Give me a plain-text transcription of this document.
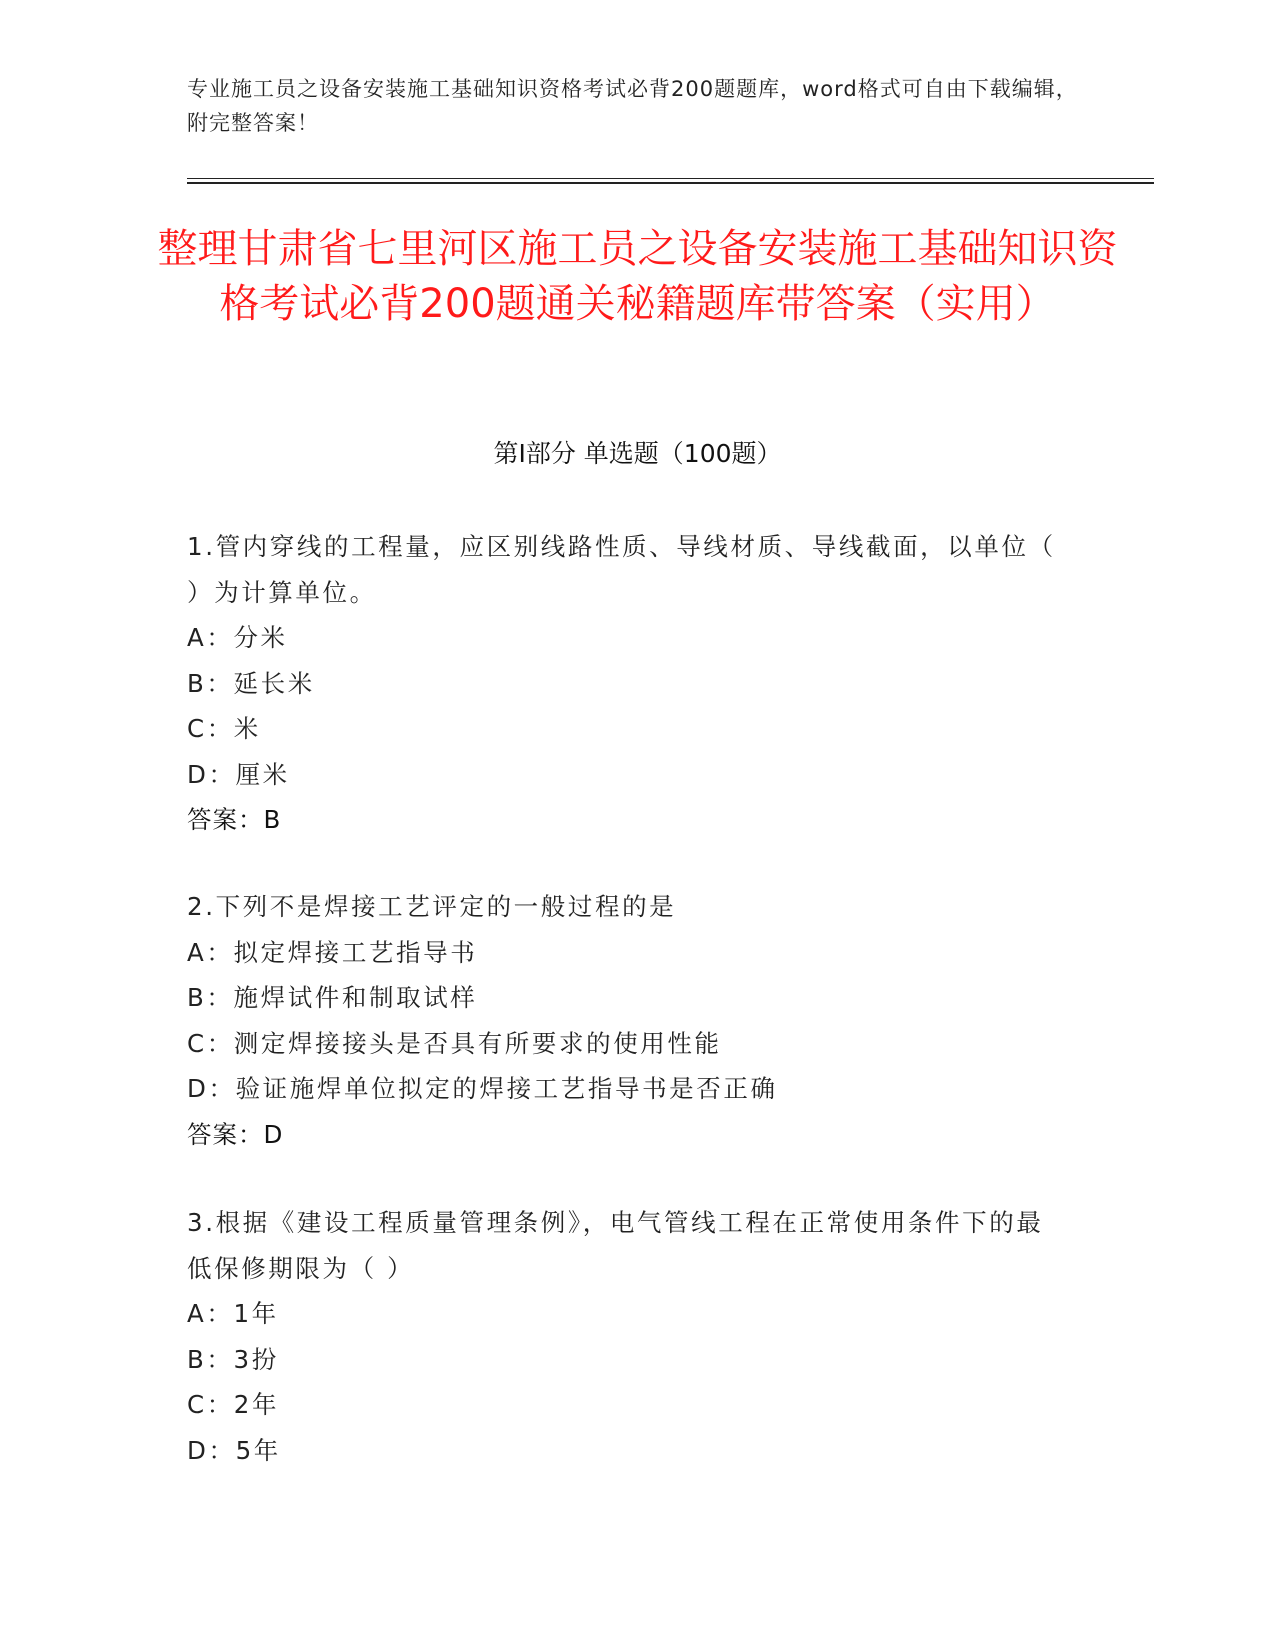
专业施工员之设备安装施工基础知识资格考试必背200题题库，word格式可自由下载编辑，附完整答案！
整理甘肃省七里河区施工员之设备安装施工基础知识资格考试必背200题通关秘籍题库带答案（实用）
第Ⅰ部分 单选题（100题）
1.管内穿线的工程量，应区别线路性质、导线材质、导线截面，以单位（ ）为计算单位。
A：分米
B：延长米
C：米
D：厘米
答案：B
2.下列不是焊接工艺评定的一般过程的是
A：拟定焊接工艺指导书
B：施焊试件和制取试样
C：测定焊接接头是否具有所要求的使用性能
D：验证施焊单位拟定的焊接工艺指导书是否正确
答案：D
3.根据《建设工程质量管理条例》，电气管线工程在正常使用条件下的最低保修期限为（ ）
A：1年
B：3扮
C：2年
D：5年
